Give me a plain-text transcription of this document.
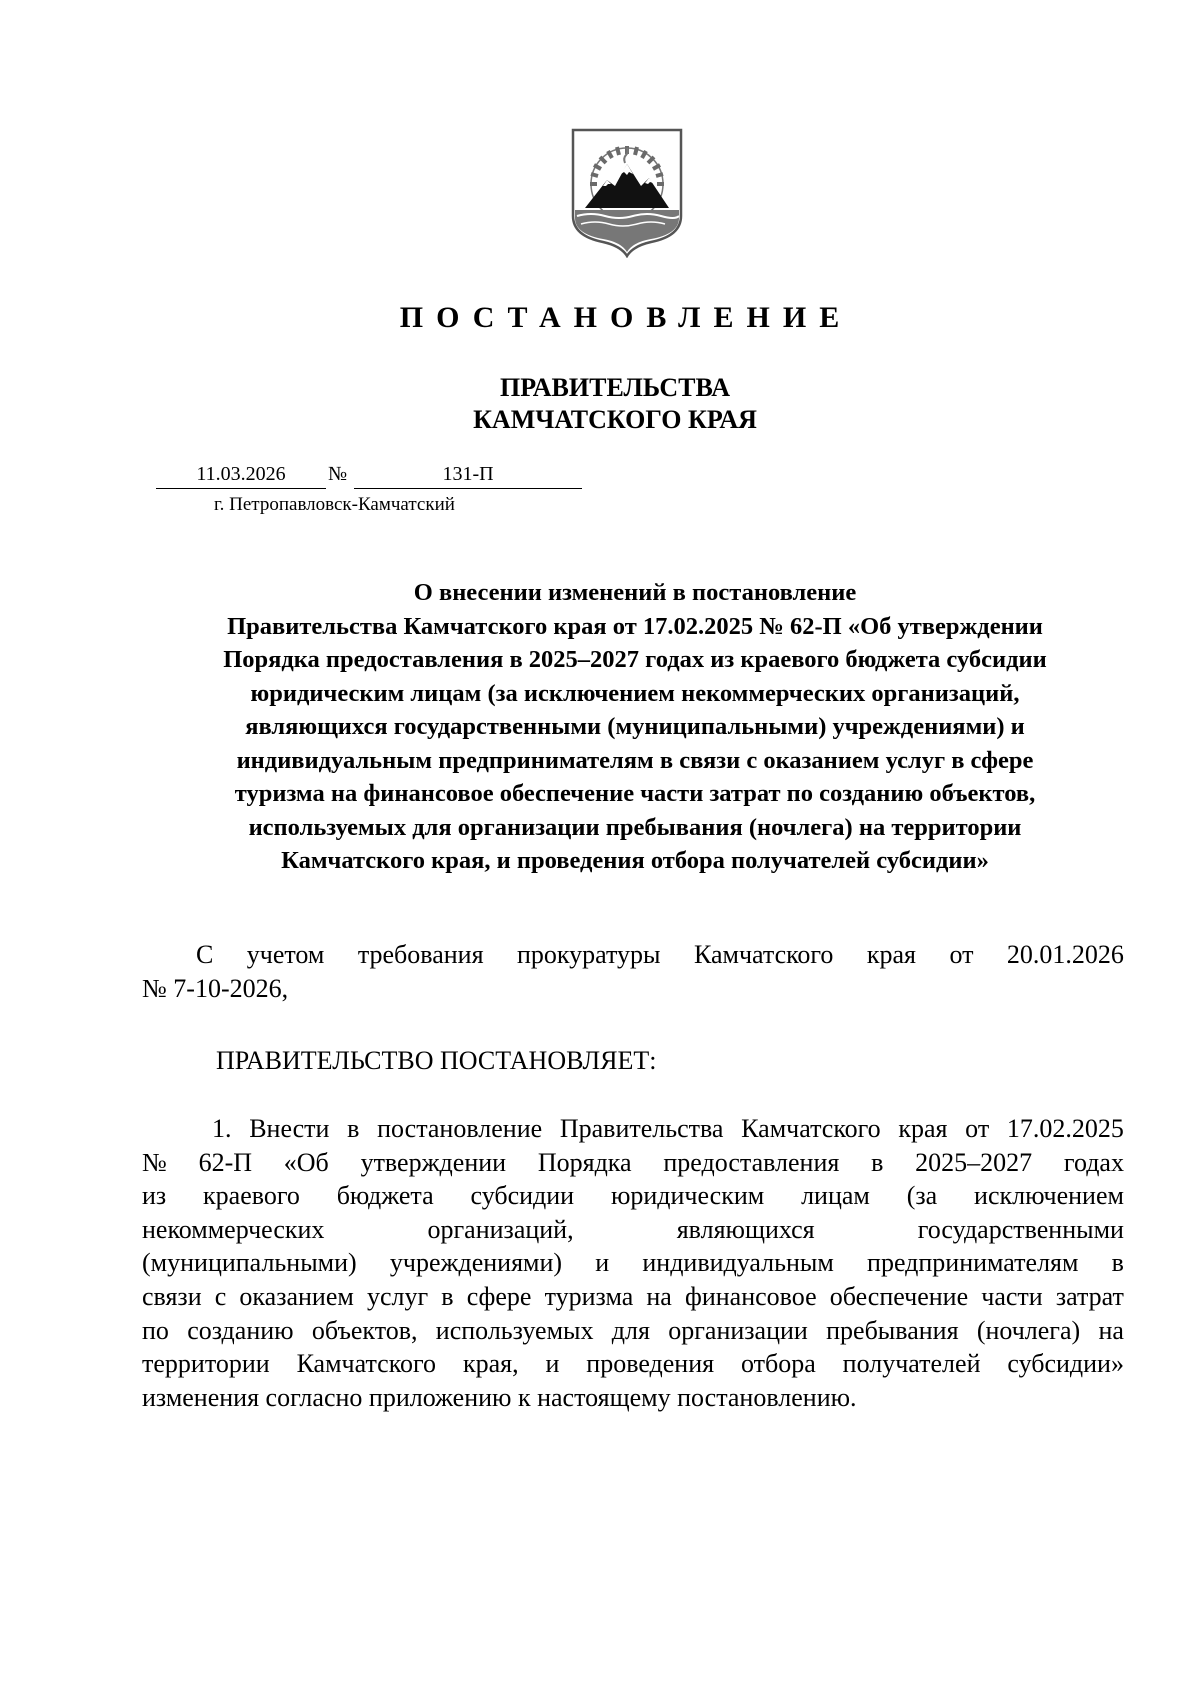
ПОСТАНОВЛЕНИЕ
ПРАВИТЕЛЬСТВА
КАМЧАТСКОГО КРАЯ
11.03.2026	№	131-П
г. Петропавловск-Камчатский
О внесении изменений в постановление
Правительства Камчатского края от 17.02.2025 № 62-П «Об утверждении
Порядка предоставления в 2025–2027 годах из краевого бюджета субсидии
юридическим лицам (за исключением некоммерческих организаций,
являющихся государственными (муниципальными) учреждениями) и
индивидуальным предпринимателям в связи с оказанием услуг в сфере
туризма на финансовое обеспечение части затрат по созданию объектов,
используемых для организации пребывания (ночлега) на территории
Камчатского края, и проведения отбора получателей субсидии»
С учетом требования прокуратуры Камчатского края от 20.01.2026
№ 7-10-2026,
ПРАВИТЕЛЬСТВО ПОСТАНОВЛЯЕТ:
1. Внести в постановление Правительства Камчатского края от 17.02.2025
№ 62-П «Об утверждении Порядка предоставления в 2025–2027 годах
из краевого бюджета субсидии юридическим лицам (за исключением
некоммерческих	организаций,	являющихся	государственными
(муниципальными) учреждениями) и индивидуальным предпринимателям в
связи с оказанием услуг в сфере туризма на финансовое обеспечение части затрат
по созданию объектов, используемых для организации пребывания (ночлега) на
территории Камчатского края, и проведения отбора получателей субсидии»
изменения согласно приложению к настоящему постановлению.
